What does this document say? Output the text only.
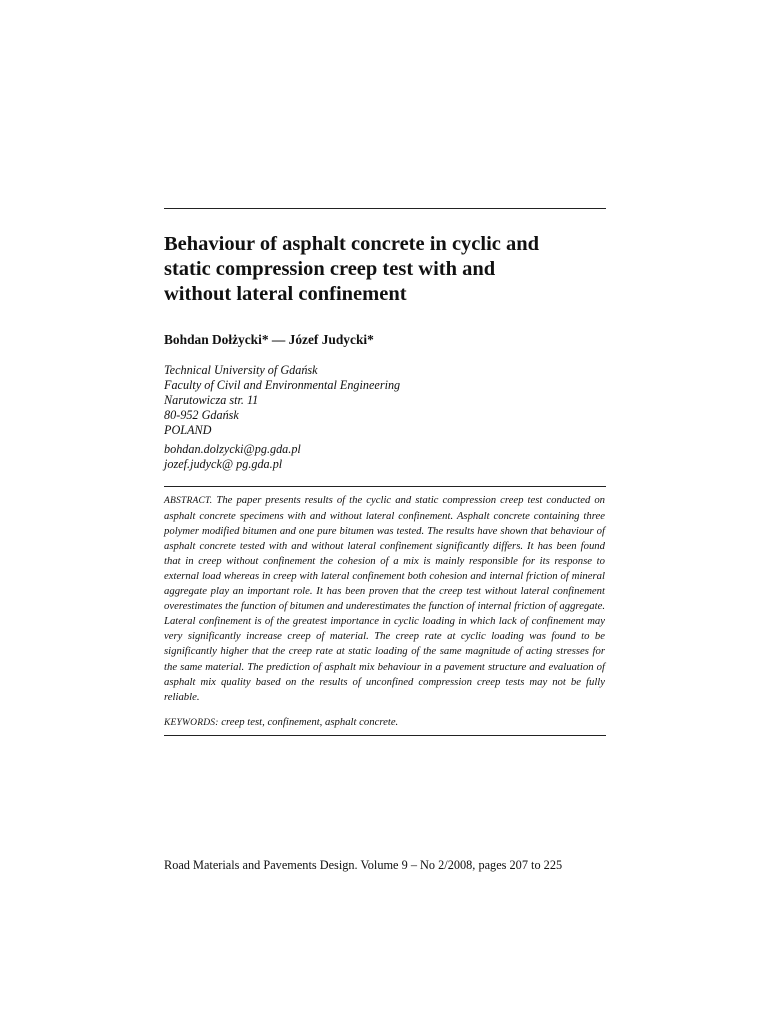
Behaviour of asphalt concrete in cyclic and
static compression creep test with and
without lateral confinement

Bohdan Dołżycki* — Józef Judycki*

Technical University of Gdańsk
Faculty of Civil and Environmental Engineering
Narutowicza str. 11
80-952 Gdańsk
POLAND
bohdan.dolzycki@pg.gda.pl
jozef.judyck@ pg.gda.pl

ABSTRACT. The paper presents results of the cyclic and static compression creep test conducted on asphalt concrete specimens with and without lateral confinement. Asphalt concrete containing three polymer modified bitumen and one pure bitumen was tested. The results have shown that behaviour of asphalt concrete tested with and without lateral confinement significantly differs. It has been found that in creep without confinement the cohesion of a mix is mainly responsible for its response to external load whereas in creep with lateral confinement both cohesion and internal friction of mineral aggregate play an important role. It has been proven that the creep test without lateral confinement overestimates the function of bitumen and underestimates the function of internal friction of aggregate. Lateral confinement is of the greatest importance in cyclic loading in which lack of confinement may very significantly increase creep of material. The creep rate at cyclic loading was found to be significantly higher that the creep rate at static loading of the same magnitude of acting stresses for the same material. The prediction of asphalt mix behaviour in a pavement structure and evaluation of asphalt mix quality based on the results of unconfined compression creep tests may not be fully reliable.

KEYWORDS: creep test, confinement, asphalt concrete.

Road Materials and Pavements Design. Volume 9 – No 2/2008, pages 207 to 225
